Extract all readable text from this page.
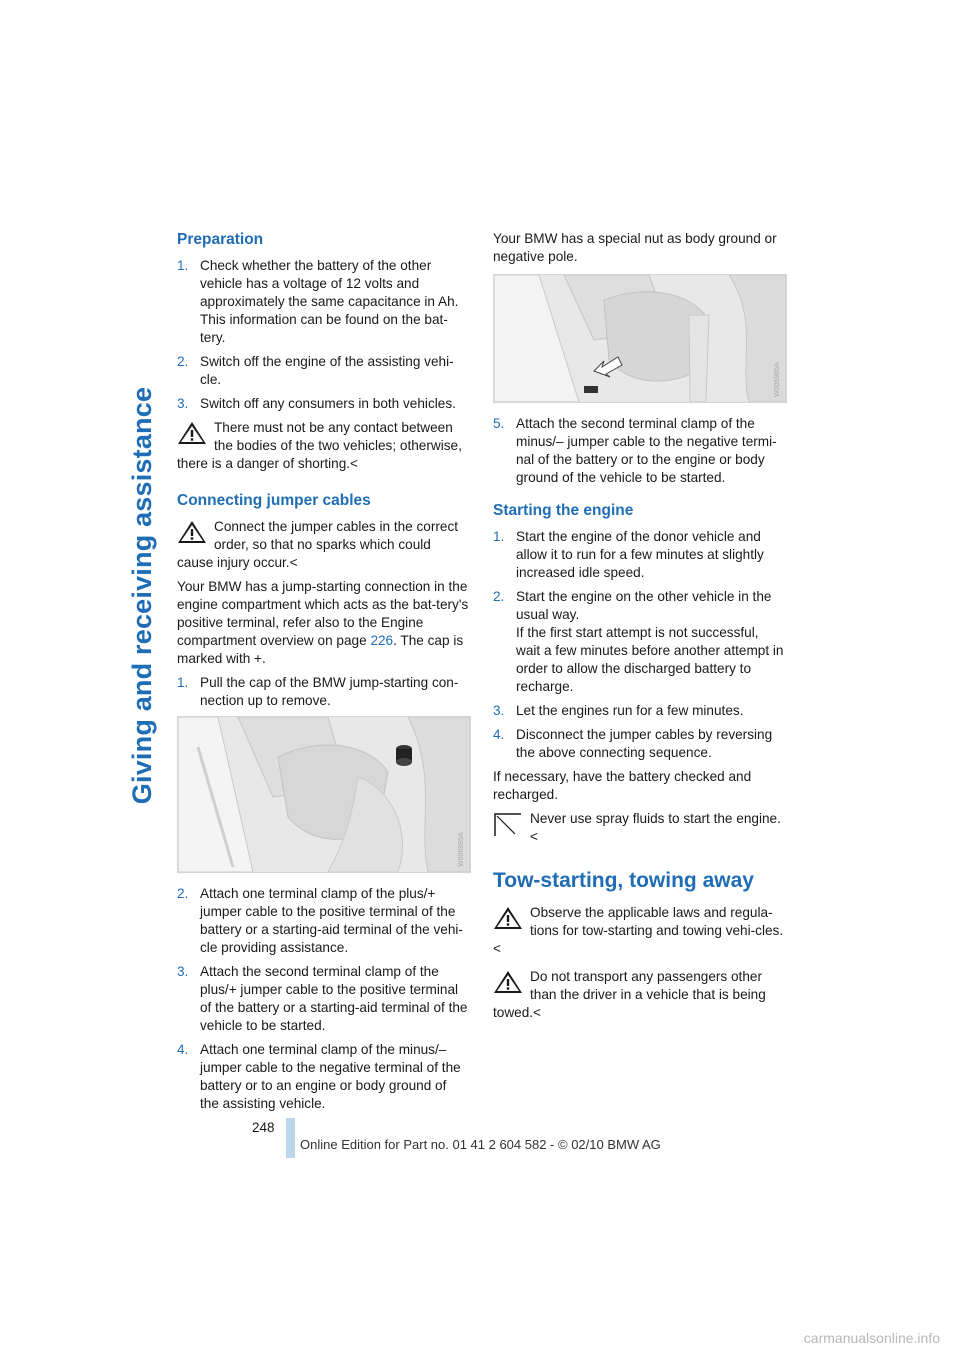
Giving and receiving assistance
Preparation
1. Check whether the battery of the other vehicle has a voltage of 12 volts and approximately the same capacitance in Ah. This information can be found on the bat-tery.
2. Switch off the engine of the assisting vehi-cle.
3. Switch off any consumers in both vehicles.
There must not be any contact between the bodies of the two vehicles; otherwise, there is a danger of shorting.<
Connecting jumper cables
Connect the jumper cables in the correct order, so that no sparks which could cause injury occur.<

Your BMW has a jump-starting connection in the engine compartment which acts as the bat-tery's positive terminal, refer also to the Engine compartment overview on page 226. The cap is marked with +.

1. Pull the cap of the BMW jump-starting con-nection up to remove.
W006985A
2. Attach one terminal clamp of the plus/+ jumper cable to the positive terminal of the battery or a starting-aid terminal of the vehi-cle providing assistance.
3. Attach the second terminal clamp of the plus/+ jumper cable to the positive terminal of the battery or a starting-aid terminal of the vehicle to be started.
4. Attach one terminal clamp of the minus/– jumper cable to the negative terminal of the battery or to an engine or body ground of the assisting vehicle.

Your BMW has a special nut as body ground or negative pole.

W006986A
5. Attach the second terminal clamp of the minus/– jumper cable to the negative termi-nal of the battery or to the engine or body ground of the vehicle to be started.
Starting the engine
1. Start the engine of the donor vehicle and allow it to run for a few minutes at slightly increased idle speed.
2. Start the engine on the other vehicle in the usual way.
If the first start attempt is not successful, wait a few minutes before another attempt in order to allow the discharged battery to recharge.
3. Let the engines run for a few minutes.
4. Disconnect the jumper cables by reversing the above connecting sequence.

If necessary, have the battery checked and recharged.

Never use spray fluids to start the engine.<
Tow-starting, towing away
Observe the applicable laws and regula-tions for tow-starting and towing vehi-cles.<
Do not transport any passengers other than the driver in a vehicle that is being towed.<
248
Online Edition for Part no. 01 41 2 604 582 - © 02/10 BMW AG
carmanualsonline.info
